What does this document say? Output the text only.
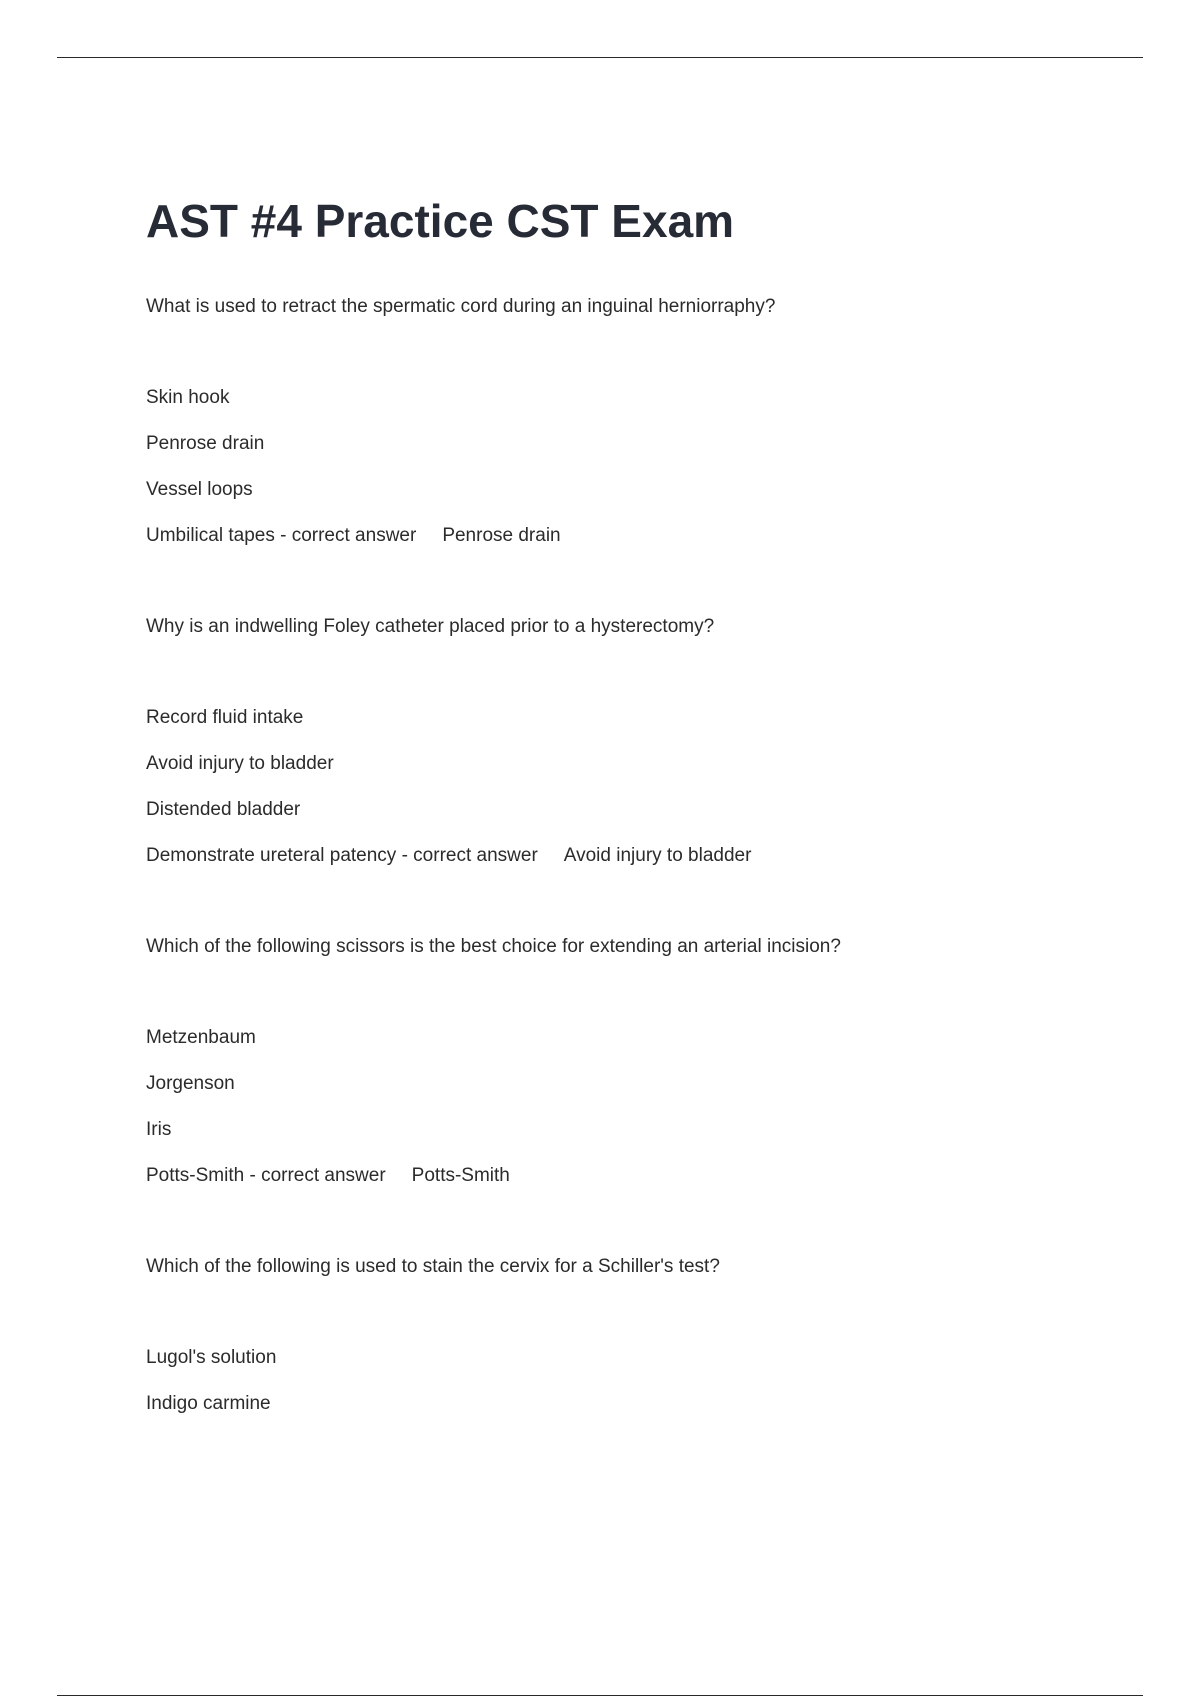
AST #4 Practice CST Exam

What is used to retract the spermatic cord during an inguinal herniorraphy?

Skin hook
Penrose drain
Vessel loops
Umbilical tapes - correct answer Penrose drain

Why is an indwelling Foley catheter placed prior to a hysterectomy?

Record fluid intake
Avoid injury to bladder
Distended bladder
Demonstrate ureteral patency - correct answer Avoid injury to bladder

Which of the following scissors is the best choice for extending an arterial incision?

Metzenbaum
Jorgenson
Iris
Potts-Smith - correct answer Potts-Smith

Which of the following is used to stain the cervix for a Schiller's test?

Lugol's solution
Indigo carmine
